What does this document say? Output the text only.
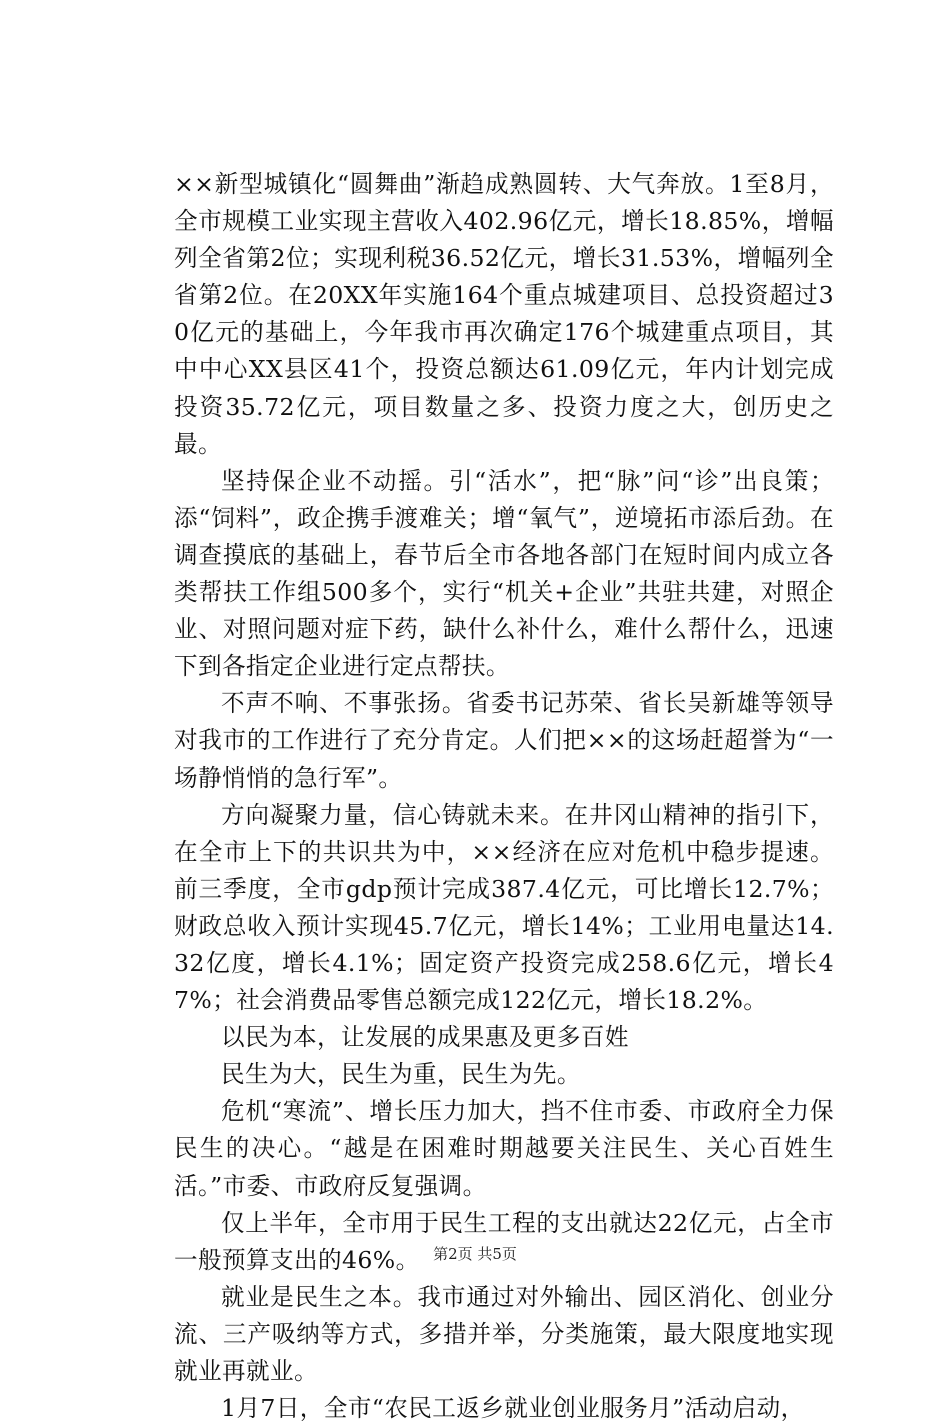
××新型城镇化“圆舞曲”渐趋成熟圆转、大气奔放。1至8月，全市规模工业实现主营收入402.96亿元，增长18.85%，增幅列全省第2位；实现利税36.52亿元，增长31.53%，增幅列全省第2位。在20XX年实施164个重点城建项目、总投资超过30亿元的基础上，今年我市再次确定176个城建重点项目，其中中心XX县区41个，投资总额达61.09亿元，年内计划完成投资35.72亿元，项目数量之多、投资力度之大，创历史之最。

坚持保企业不动摇。引“活水”，把“脉”问“诊”出良策；添“饲料”，政企携手渡难关；增“氧气”，逆境拓市添后劲。在调查摸底的基础上，春节后全市各地各部门在短时间内成立各类帮扶工作组500多个，实行“机关+企业”共驻共建，对照企业、对照问题对症下药，缺什么补什么，难什么帮什么，迅速下到各指定企业进行定点帮扶。

不声不响、不事张扬。省委书记苏荣、省长吴新雄等领导对我市的工作进行了充分肯定。人们把××的这场赶超誉为“一场静悄悄的急行军”。

方向凝聚力量，信心铸就未来。在井冈山精神的指引下，在全市上下的共识共为中，××经济在应对危机中稳步提速。前三季度，全市gdp预计完成387.4亿元，可比增长12.7%；财政总收入预计实现45.7亿元，增长14%；工业用电量达14.32亿度，增长4.1%；固定资产投资完成258.6亿元，增长47%；社会消费品零售总额完成122亿元，增长18.2%。

以民为本，让发展的成果惠及更多百姓

民生为大，民生为重，民生为先。

危机“寒流”、增长压力加大，挡不住市委、市政府全力保民生的决心。“越是在困难时期越要关注民生、关心百姓生活。”市委、市政府反复强调。

仅上半年，全市用于民生工程的支出就达22亿元，占全市一般预算支出的46%。

就业是民生之本。我市通过对外输出、园区消化、创业分流、三产吸纳等方式，多措并举，分类施策，最大限度地实现就业再就业。

1月7日，全市“农民工返乡就业创业服务月”活动启动，

第2页 共5页
